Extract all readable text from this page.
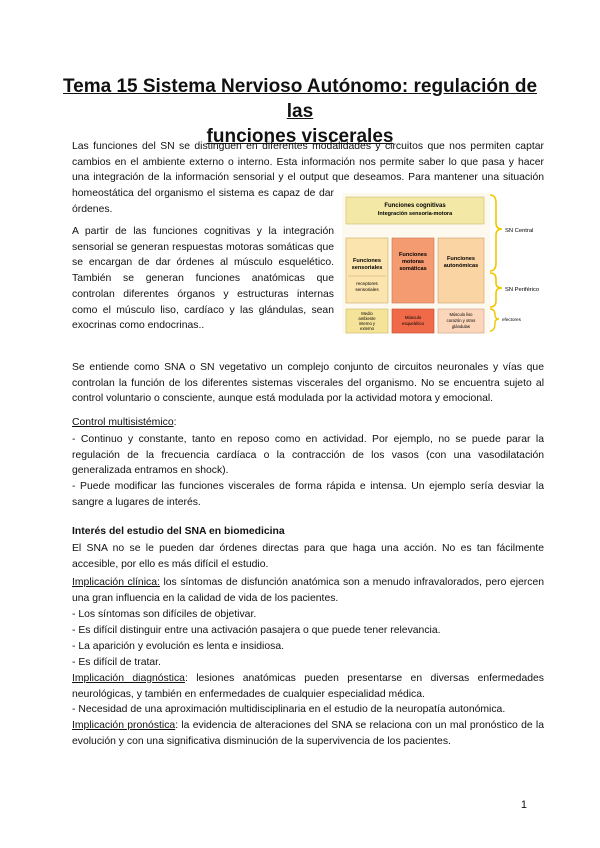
Tema 15 Sistema Nervioso Autónomo: regulación de las
funciones viscerales
Las funciones del SN se distinguen en diferentes modalidades y circuitos que nos permiten captar cambios en el ambiente externo o interno. Esta información nos permite saber lo que pasa y hacer una integración de la información sensorial y el output que deseamos. Para mantener una situación
homeostática del organismo el sistema es capaz de dar
órdenes.
A partir de las funciones cognitivas y la integración sensorial se generan respuestas motoras somáticas que se encargan de dar órdenes al músculo esquelético. También se generan funciones anatómicas que controlan diferentes órganos y estructuras internas como el músculo liso, cardíaco y las glándulas, sean exocrinas como endocrinas..
Funciones cognitivas
Integración sensoria-motora
Funciones
sensoriales
receptores
sensoriales
Funciones
motoras
somáticas
Funciones
autonómicas
Medio
ambiente
interno y
externo
Músculo
esquelético
Músculo liso
corazón y otros
glándulas
SN Central
SN Periférico
efectores
Se entiende como SNA o SN vegetativo un complejo conjunto de circuitos neuronales y vías que controlan la función de los diferentes sistemas viscerales del organismo. No se encuentra sujeto al control voluntario o consciente, aunque está modulada por la actividad motora y emocional.
Control multisistémico:
- Continuo y constante, tanto en reposo como en actividad. Por ejemplo, no se puede parar la regulación de la frecuencia cardíaca o la contracción de los vasos (con una vasodilatación generalizada entramos en shock).
- Puede modificar las funciones viscerales de forma rápida e intensa. Un ejemplo sería desviar la sangre a lugares de interés.
Interés del estudio del SNA en biomedicina
El SNA no se le pueden dar órdenes directas para que haga una acción. No es tan fácilmente accesible, por ello es más difícil el estudio.
Implicación clínica: los síntomas de disfunción anatómica son a menudo infravalorados, pero ejercen una gran influencia en la calidad de vida de los pacientes.
- Los síntomas son difíciles de objetivar.
- Es difícil distinguir entre una activación pasajera o que puede tener relevancia.
- La aparición y evolución es lenta e insidiosa.
- Es difícil de tratar.
Implicación diagnóstica: lesiones anatómicas pueden presentarse en diversas enfermedades neurológicas, y también en enfermedades de cualquier especialidad médica.
- Necesidad de una aproximación multidisciplinaria en el estudio de la neuropatía autonómica.
Implicación pronóstica: la evidencia de alteraciones del SNA se relaciona con un mal pronóstico de la evolución y con una significativa disminución de la supervivencia de los pacientes.
1
